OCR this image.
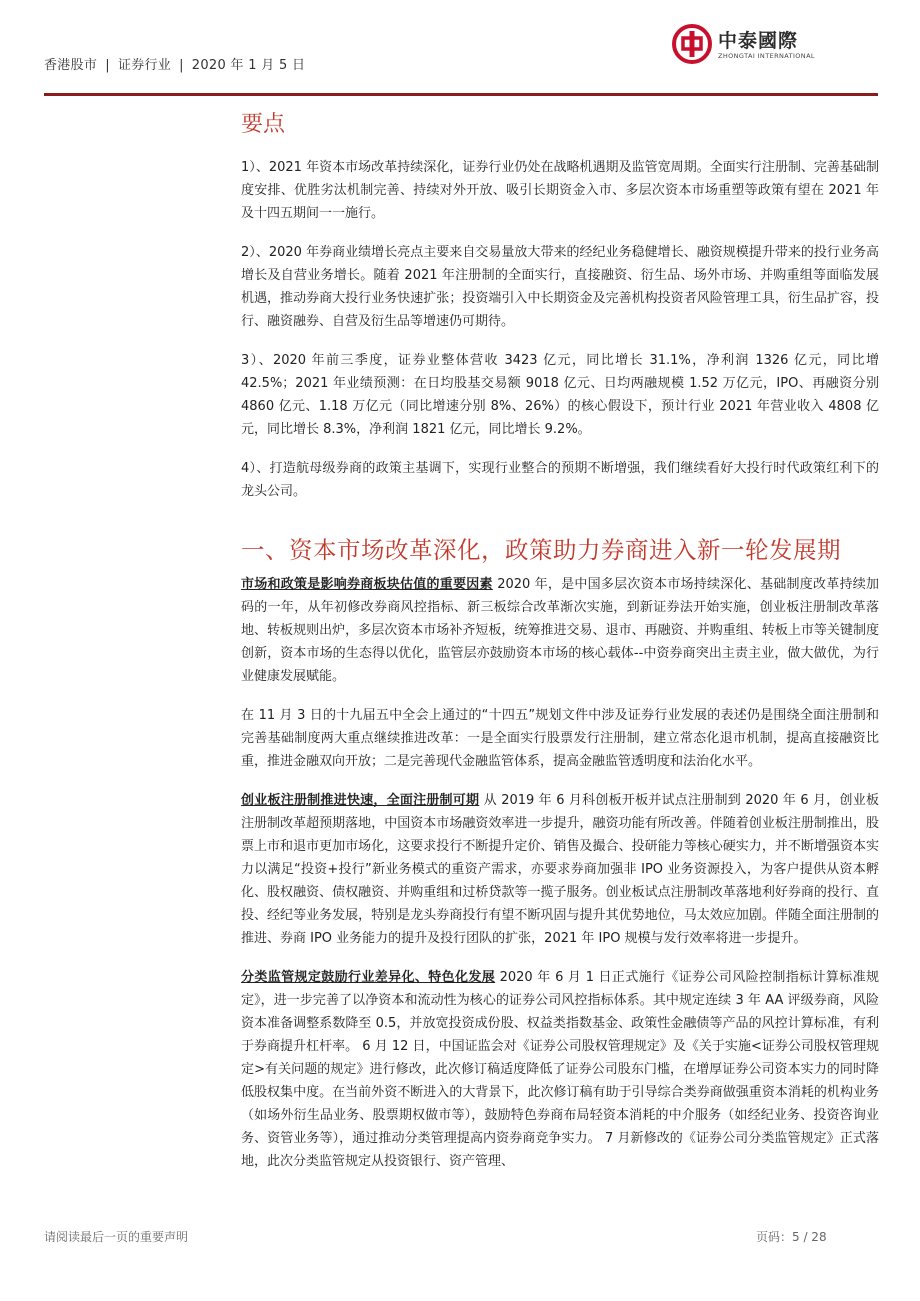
香港股市 | 证券行业 | 2020 年 1 月 5 日
中泰國際
ZHONGTAI INTERNATIONAL
要点

1）、2021 年资本市场改革持续深化，证券行业仍处在战略机遇期及监管宽周期。全面实行注册制、完善基础制度安排、优胜劣汰机制完善、持续对外开放、吸引长期资金入市、多层次资本市场重塑等政策有望在 2021 年及十四五期间一一施行。

2）、2020 年券商业绩增长亮点主要来自交易量放大带来的经纪业务稳健增长、融资规模提升带来的投行业务高增长及自营业务增长。随着 2021 年注册制的全面实行，直接融资、衍生品、场外市场、并购重组等面临发展机遇，推动券商大投行业务快速扩张；投资端引入中长期资金及完善机构投资者风险管理工具，衍生品扩容，投行、融资融券、自营及衍生品等增速仍可期待。

3）、2020 年前三季度，证券业整体营收 3423 亿元，同比增长 31.1%，净利润 1326 亿元，同比增 42.5%；2021 年业绩预测：在日均股基交易额 9018 亿元、日均两融规模 1.52 万亿元，IPO、再融资分别 4860 亿元、1.18 万亿元（同比增速分别 8%、26%）的核心假设下，预计行业 2021 年营业收入 4808 亿元，同比增长 8.3%，净利润 1821 亿元，同比增长 9.2%。

4）、打造航母级券商的政策主基调下，实现行业整合的预期不断增强，我们继续看好大投行时代政策红利下的龙头公司。

一、资本市场改革深化，政策助力券商进入新一轮发展期

市场和政策是影响券商板块估值的重要因素 2020 年，是中国多层次资本市场持续深化、基础制度改革持续加码的一年，从年初修改券商风控指标、新三板综合改革渐次实施，到新证券法开始实施，创业板注册制改革落地、转板规则出炉，多层次资本市场补齐短板，统筹推进交易、退市、再融资、并购重组、转板上市等关键制度创新，资本市场的生态得以优化，监管层亦鼓励资本市场的核心载体--中资券商突出主责主业，做大做优，为行业健康发展赋能。

在 11 月 3 日的十九届五中全会上通过的“十四五”规划文件中涉及证券行业发展的表述仍是围绕全面注册制和完善基础制度两大重点继续推进改革：一是全面实行股票发行注册制，建立常态化退市机制，提高直接融资比重，推进金融双向开放；二是完善现代金融监管体系，提高金融监管透明度和法治化水平。

创业板注册制推进快速，全面注册制可期 从 2019 年 6 月科创板开板并试点注册制到 2020 年 6 月，创业板注册制改革超预期落地，中国资本市场融资效率进一步提升，融资功能有所改善。伴随着创业板注册制推出，股票上市和退市更加市场化，这要求投行不断提升定价、销售及撮合、投研能力等核心硬实力，并不断增强资本实力以满足“投资+投行”新业务模式的重资产需求，亦要求券商加强非 IPO 业务资源投入，为客户提供从资本孵化、股权融资、债权融资、并购重组和过桥贷款等一揽子服务。创业板试点注册制改革落地利好券商的投行、直投、经纪等业务发展，特别是龙头券商投行有望不断巩固与提升其优势地位，马太效应加剧。伴随全面注册制的推进、券商 IPO 业务能力的提升及投行团队的扩张，2021 年 IPO 规模与发行效率将进一步提升。

分类监管规定鼓励行业差异化、特色化发展 2020 年 6 月 1 日正式施行《证券公司风险控制指标计算标准规定》，进一步完善了以净资本和流动性为核心的证券公司风控指标体系。其中规定连续 3 年 AA 评级券商，风险资本准备调整系数降至 0.5，并放宽投资成份股、权益类指数基金、政策性金融债等产品的风控计算标准，有利于券商提升杠杆率。 6 月 12 日，中国证监会对《证券公司股权管理规定》及《关于实施<证券公司股权管理规定>有关问题的规定》进行修改，此次修订稿适度降低了证券公司股东门槛，在增厚证券公司资本实力的同时降低股权集中度。在当前外资不断进入的大背景下，此次修订稿有助于引导综合类券商做强重资本消耗的机构业务（如场外衍生品业务、股票期权做市等），鼓励特色券商布局轻资本消耗的中介服务（如经纪业务、投资咨询业务、资管业务等），通过推动分类管理提高内资券商竞争实力。 7 月新修改的《证券公司分类监管规定》正式落地，此次分类监管规定从投资银行、资产管理、

请阅读最后一页的重要声明	页码：5 / 28
